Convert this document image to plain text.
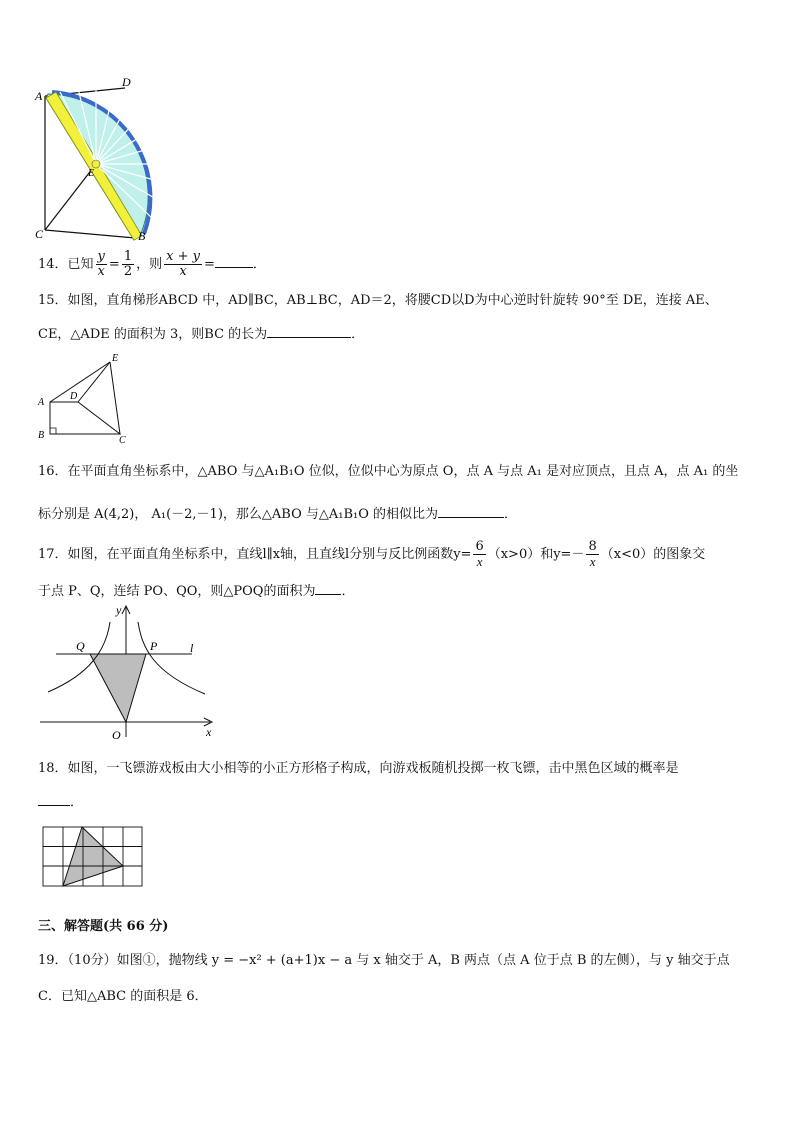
A
D
E
C	B
14．已知 $\frac{y}{x} = \frac{1}{2}$ ，则 $\frac{x + y}{x}$ =	．
15．如图，直角梯形ABCD 中，AD∥BC，AB⊥BC，AD＝2，将腰CD以D为中心逆时针旋转 90°至 DE，连接 AE、
CE，△ADE 的面积为 3，则BC 的长为	．
A
B	C
D
E
16．在平面直角坐标系中，△ABO 与△A₁B₁O 位似，位似中心为原点 O，点 A 与点 A₁ 是对应顶点，且点 A，点 A₁ 的坐
标分别是 A(4,2)， A₁(－2,－1)，那么△ABO 与△A₁B₁O 的相似比为	．
17．如图，在平面直角坐标系中，直线l∥x轴，且直线l分别与反比例函数$y= \frac{6}{x} (x>0)$和$y=- \frac{8}{x} (x<0)$的图象交
于点 P、Q，连结 PO、QO，则△POQ的面积为 ．
y
x
Q	P
O
l
18．如图，一飞镖游戏板由大小相等的小正方形格子构成，向游戏板随机投掷一枚飞镖，击中黑色区域的概率是
．
三、解答题(共 66 分)
19．（10分）如图①，抛物线 y = −x² + (a+1)x − a 与 x 轴交于 A，B 两点（点 A 位于点 B 的左侧），与 y 轴交于点
C．已知△ABC 的面积是 6．
